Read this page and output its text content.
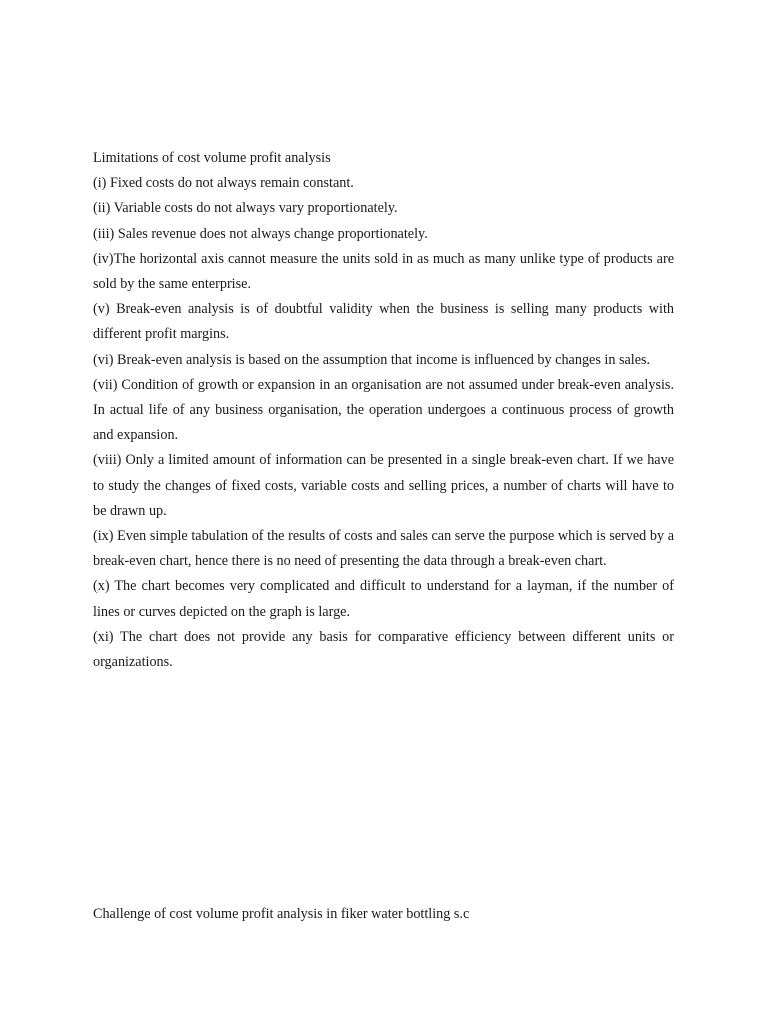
Limitations of cost volume profit analysis

(i) Fixed costs do not always remain constant.

(ii) Variable costs do not always vary proportionately.

(iii) Sales revenue does not always change proportionately.

(iv)The horizontal axis cannot measure the units sold in as much as many unlike type of products are sold by the same enterprise.

(v) Break-even analysis is of doubtful validity when the business is selling many products with different profit margins.

(vi) Break-even analysis is based on the assumption that income is influenced by changes in sales.

(vii) Condition of growth or expansion in an organisation are not assumed under break-even analysis. In actual life of any business organisation, the operation undergoes a continuous process of growth and expansion.

(viii) Only a limited amount of information can be presented in a single break-even chart. If we have to study the changes of fixed costs, variable costs and selling prices, a number of charts will have to be drawn up.

(ix) Even simple tabulation of the results of costs and sales can serve the purpose which is served by a break-even chart, hence there is no need of presenting the data through a break-even chart.

(x) The chart becomes very complicated and difficult to understand for a layman, if the number of lines or curves depicted on the graph is large.

(xi) The chart does not provide any basis for comparative efficiency between different units or organizations.

Challenge of cost volume profit analysis in fiker water bottling s.c
